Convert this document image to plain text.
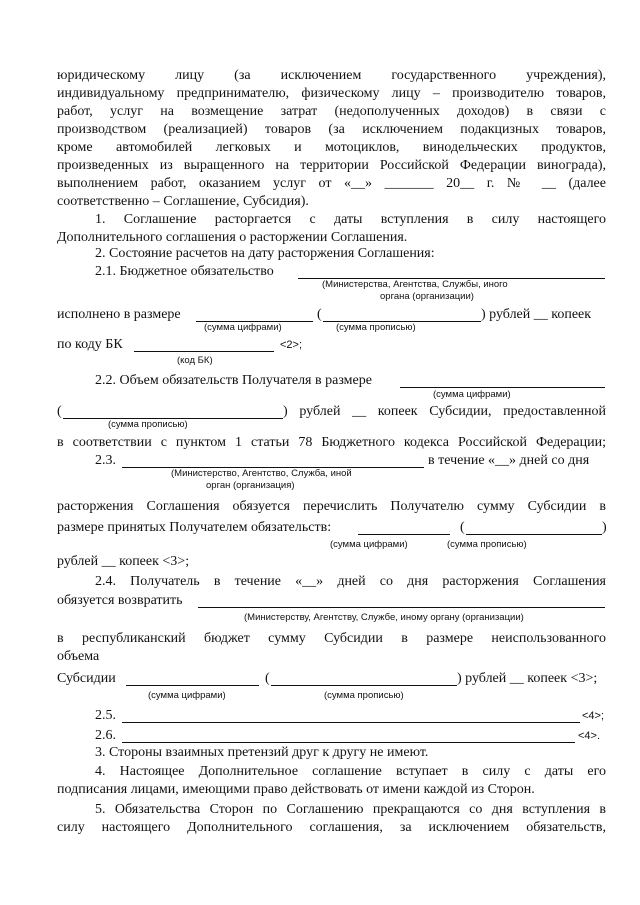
юридическому лицу (за исключением государственного учреждения),
индивидуальному предпринимателю, физическому лицу – производителю товаров,
работ, услуг на возмещение затрат (недополученных доходов) в связи с
производством (реализацией) товаров (за исключением подакцизных товаров,
кроме автомобилей легковых и мотоциклов, винодельческих продуктов,
произведенных из выращенного на территории Российской Федерации винограда),
выполнением работ, оказанием услуг от «__» _______ 20__ г. № __ (далее
соответственно – Соглашение, Субсидия).
1. Соглашение расторгается с даты вступления в силу настоящего
Дополнительного соглашения о расторжении Соглашения.
2. Состояние расчетов на дату расторжения Соглашения:
2.1. Бюджетное обязательство
(Министерства, Агентства, Службы, иного
органа (организации)
исполнено в размере	(	) рублей __ копеек
(сумма цифрами)	(сумма прописью)
по коду БК	<2>;
(код БК)
2.2. Объем обязательств Получателя в размере
(сумма цифрами)
(	) рублей __ копеек Субсидии, предоставленной
(сумма прописью)
в соответствии с пунктом 1 статьи 78 Бюджетного кодекса Российской Федерации;
2.3.	в течение «__» дней со дня
(Министерство, Агентство, Служба, иной
орган (организация)
расторжения Соглашения обязуется перечислить Получателю сумму Субсидии в
размере принятых Получателем обязательств:	(	)
(сумма цифрами)	(сумма прописью)
рублей __ копеек <3>;
2.4. Получатель в течение «__» дней со дня расторжения Соглашения
обязуется возвратить
(Министерству, Агентству, Службе, иному органу (организации)
в республиканский бюджет сумму Субсидии в размере неиспользованного
объема
Субсидии	(	) рублей __ копеек <3>;
(сумма цифрами)	(сумма прописью)
2.5.	<4>;
2.6.	<4>.
3. Стороны взаимных претензий друг к другу не имеют.
4. Настоящее Дополнительное соглашение вступает в силу с даты его
подписания лицами, имеющими право действовать от имени каждой из Сторон.
5. Обязательства Сторон по Соглашению прекращаются со дня вступления в
силу настоящего Дополнительного соглашения, за исключением обязательств,
